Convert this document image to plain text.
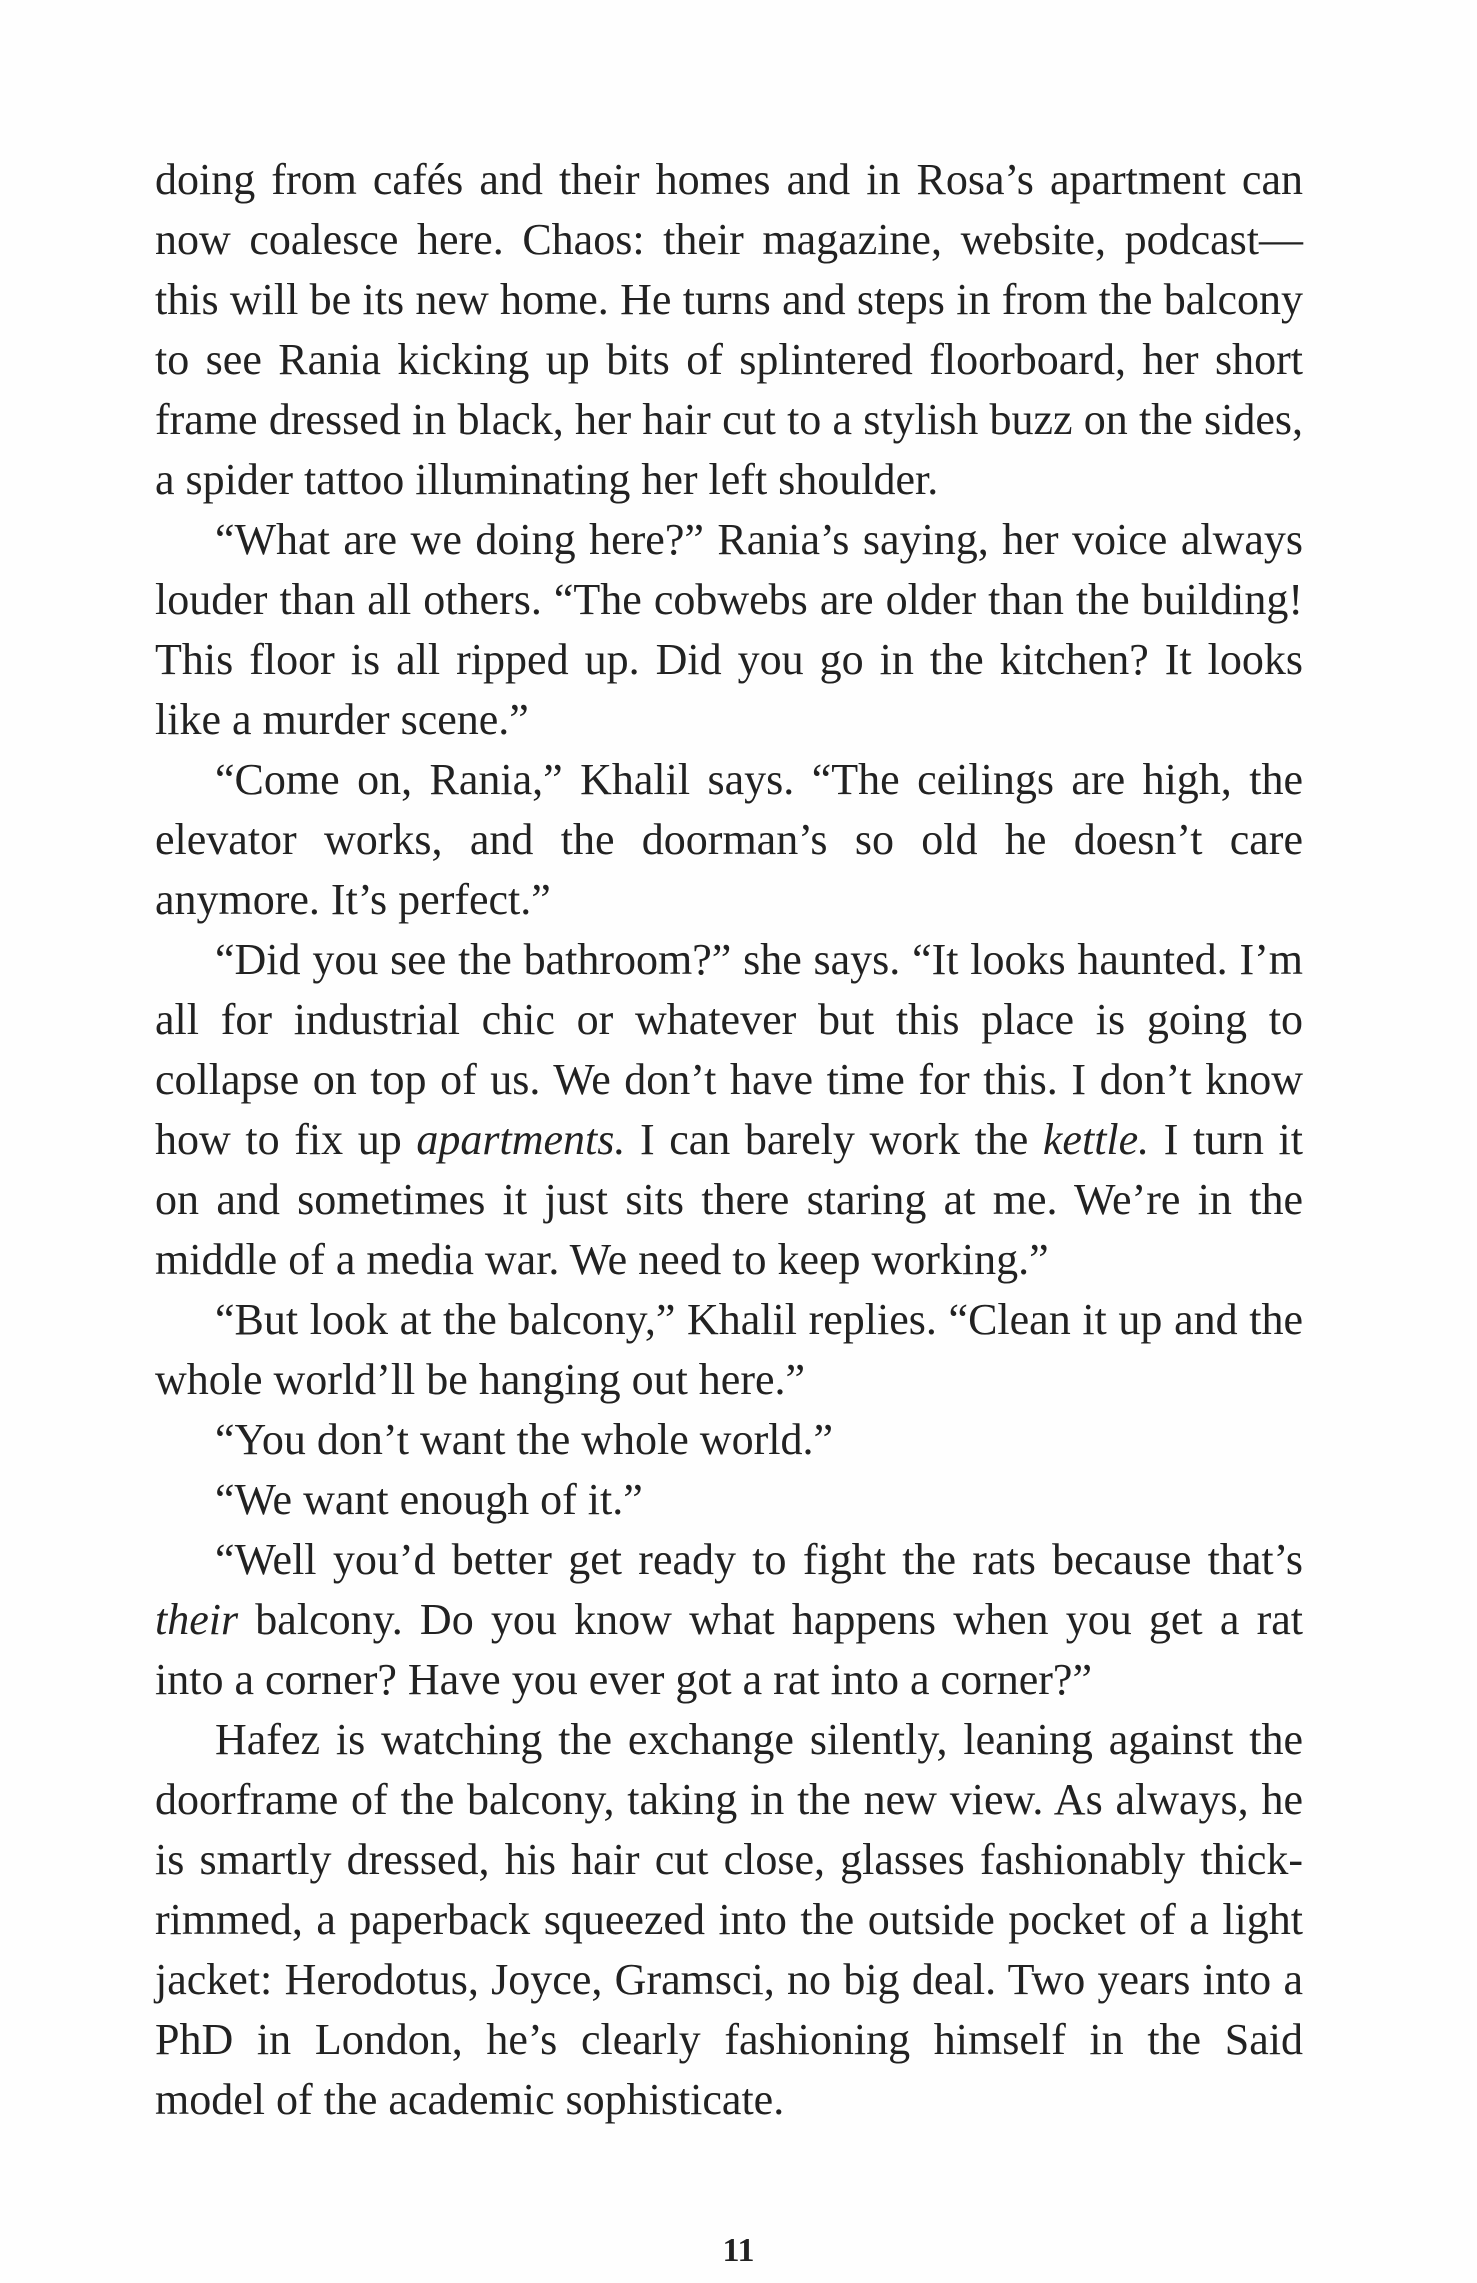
doing from cafés and their homes and in Rosa’s apartment can now coalesce here. Chaos: their magazine, website, podcast—this will be its new home. He turns and steps in from the balcony to see Rania kicking up bits of splintered floorboard, her short frame dressed in black, her hair cut to a stylish buzz on the sides, a spider tattoo illuminating her left shoulder.

“What are we doing here?” Rania’s saying, her voice always louder than all others. “The cobwebs are older than the building! This floor is all ripped up. Did you go in the kitchen? It looks like a murder scene.”

“Come on, Rania,” Khalil says. “The ceilings are high, the elevator works, and the doorman’s so old he doesn’t care anymore. It’s perfect.”

“Did you see the bathroom?” she says. “It looks haunted. I’m all for industrial chic or whatever but this place is going to collapse on top of us. We don’t have time for this. I don’t know how to fix up apartments. I can barely work the kettle. I turn it on and sometimes it just sits there staring at me. We’re in the middle of a media war. We need to keep working.”

“But look at the balcony,” Khalil replies. “Clean it up and the whole world’ll be hanging out here.”

“You don’t want the whole world.”

“We want enough of it.”

“Well you’d better get ready to fight the rats because that’s their balcony. Do you know what happens when you get a rat into a corner? Have you ever got a rat into a corner?”

Hafez is watching the exchange silently, leaning against the doorframe of the balcony, taking in the new view. As always, he is smartly dressed, his hair cut close, glasses fashionably thick-rimmed, a paperback squeezed into the outside pocket of a light jacket: Herodotus, Joyce, Gramsci, no big deal. Two years into a PhD in London, he’s clearly fashioning himself in the Said model of the academic sophisticate.

11
